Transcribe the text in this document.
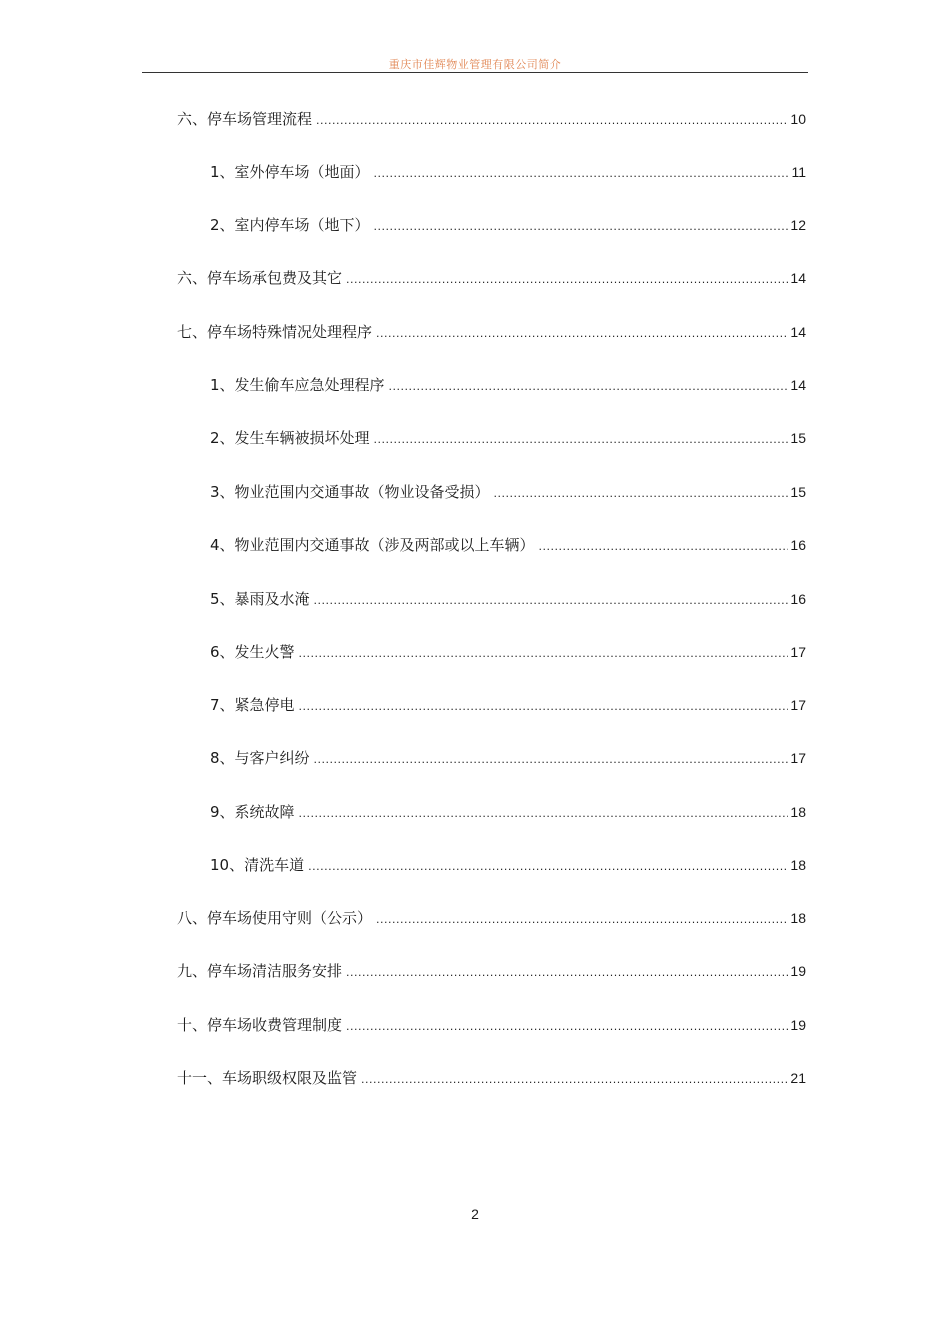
重庆市佳辉物业管理有限公司简介
六、停车场管理流程 .....	10
1、室外停车场（地面） .....	11
2、室内停车场（地下） .....	12
六、停车场承包费及其它 .....	14
七、停车场特殊情况处理程序 .....	14
1、发生偷车应急处理程序 .....	14
2、发生车辆被损坏处理 .....	15
3、物业范围内交通事故（物业设备受损） .....	15
4、物业范围内交通事故（涉及两部或以上车辆） .....	16
5、暴雨及水淹 .....	16
6、发生火警 .....	17
7、紧急停电 .....	17
8、与客户纠纷 .....	17
9、系统故障 .....	18
10、清洗车道 .....	18
八、停车场使用守则（公示） .....	18
九、停车场清洁服务安排 .....	19
十、停车场收费管理制度 .....	19
十一、车场职级权限及监管 .....	21
2
